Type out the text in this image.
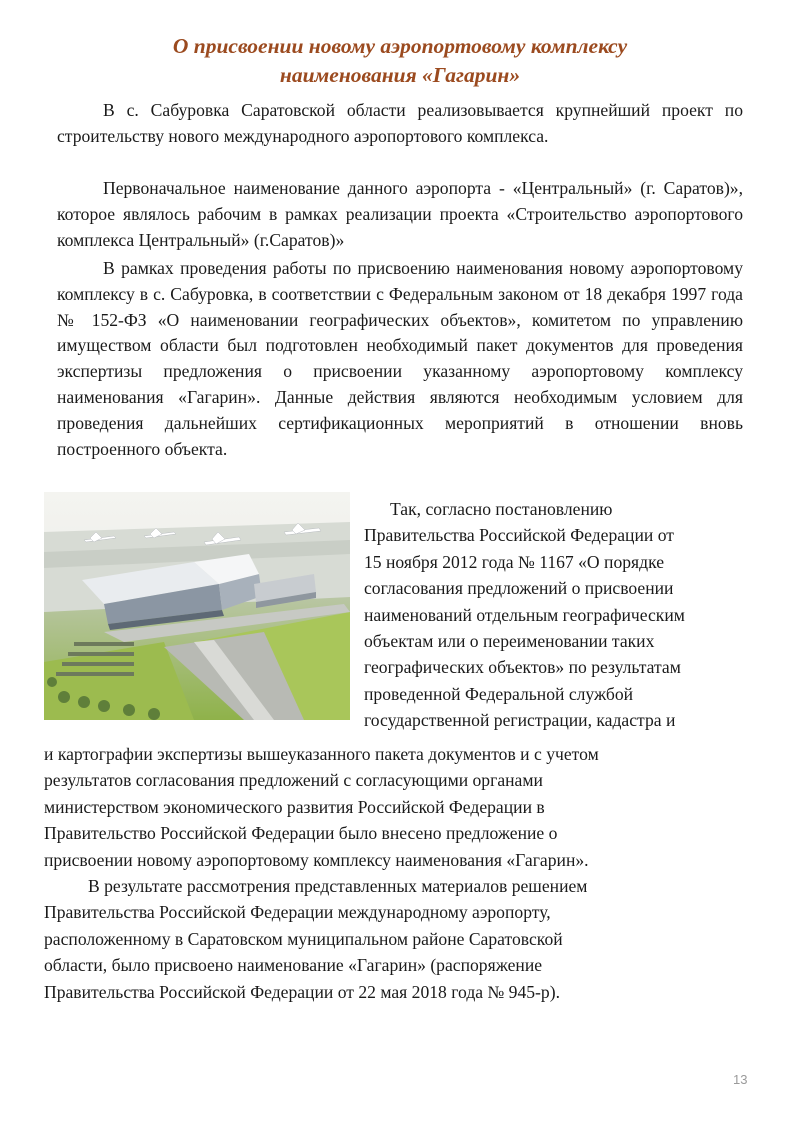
О присвоении новому аэропортовому комплексу
наименования «Гагарин»

В с. Сабуровка Саратовской области реализовывается крупнейший проект по строительству нового международного аэропортового комплекса.

Первоначальное наименование данного аэропорта - «Центральный» (г. Саратов)», которое являлось рабочим в рамках реализации проекта «Строительство аэропортового комплекса Центральный» (г.Саратов)»

В рамках проведения работы по присвоению наименования новому аэропортовому комплексу в с. Сабуровка, в соответствии с Федеральным законом от 18 декабря 1997 года № 152-ФЗ «О наименовании географических объектов», комитетом по управлению имуществом области был подготовлен необходимый пакет документов для проведения экспертизы предложения о присвоении указанному аэропортовому комплексу наименования «Гагарин». Данные действия являются необходимым условием для проведения дальнейших сертификационных мероприятий в отношении вновь построенного объекта.

Так, согласно постановлению
Правительства Российской Федерации от
15 ноября 2012 года № 1167 «О порядке
согласования предложений о присвоении
наименований отдельным географическим
объектам или о переименовании таких
географических объектов» по результатам
проведенной Федеральной службой
государственной регистрации, кадастра и
и картографии экспертизы вышеуказанного пакета документов и с учетом
результатов согласования предложений с согласующими органами
министерством экономического развития Российской Федерации в
Правительство Российской Федерации было внесено предложение о
присвоении новому аэропортовому комплексу наименования «Гагарин».
В результате рассмотрения представленных материалов решением
Правительства Российской Федерации международному аэропорту,
расположенному в Саратовском муниципальном районе Саратовской
области, было присвоено наименование «Гагарин» (распоряжение
Правительства Российской Федерации от 22 мая 2018 года № 945-р).
13
